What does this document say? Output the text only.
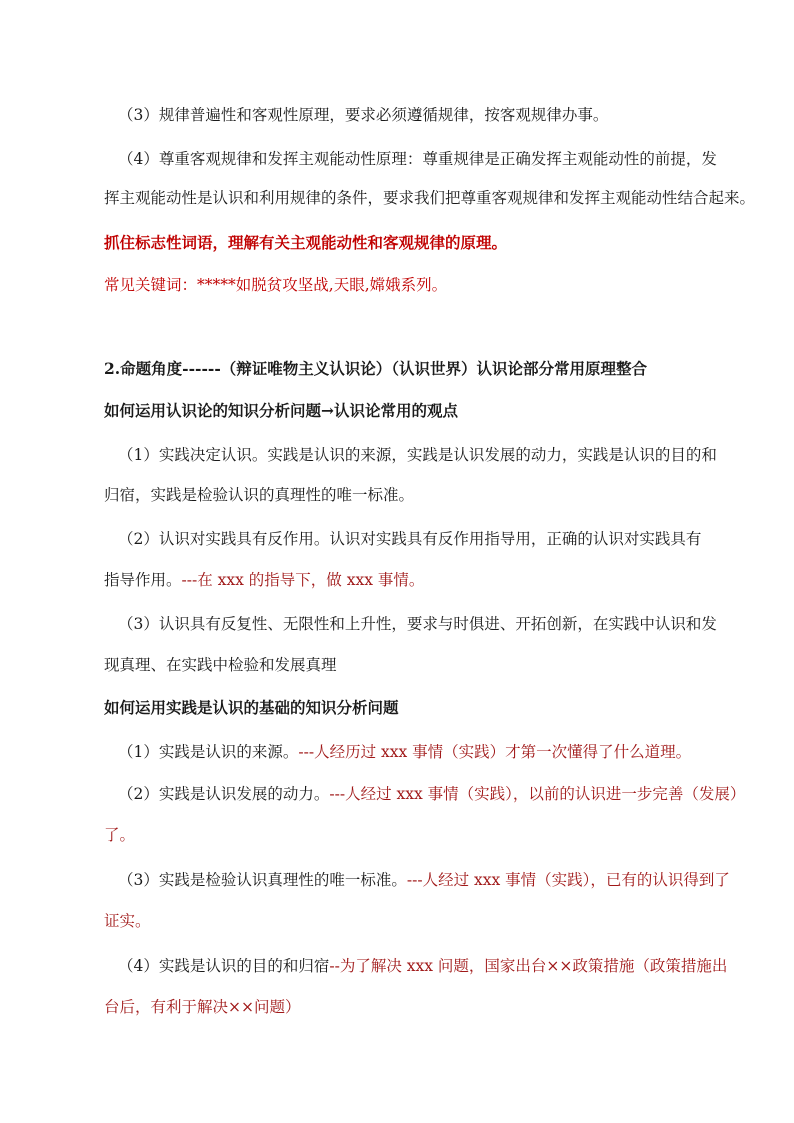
（3）规律普遍性和客观性原理，要求必须遵循规律，按客观规律办事。
（4）尊重客观规律和发挥主观能动性原理：尊重规律是正确发挥主观能动性的前提，发
挥主观能动性是认识和利用规律的条件，要求我们把尊重客观规律和发挥主观能动性结合起来。
抓住标志性词语，理解有关主观能动性和客观规律的原理。
常见关键词：*****如脱贫攻坚战,天眼,嫦娥系列。
2.命题角度------（辩证唯物主义认识论）（认识世界）认识论部分常用原理整合
如何运用认识论的知识分析问题→认识论常用的观点
（1）实践决定认识。实践是认识的来源，实践是认识发展的动力，实践是认识的目的和
归宿，实践是检验认识的真理性的唯一标准。
（2）认识对实践具有反作用。认识对实践具有反作用指导用，正确的认识对实践具有
指导作用。---在 xxx 的指导下，做 xxx 事情。
（3）认识具有反复性、无限性和上升性，要求与时俱进、开拓创新，在实践中认识和发
现真理、在实践中检验和发展真理
如何运用实践是认识的基础的知识分析问题
（1）实践是认识的来源。---人经历过 xxx 事情（实践）才第一次懂得了什么道理。
（2）实践是认识发展的动力。---人经过 xxx 事情（实践），以前的认识进一步完善（发展）
了。
（3）实践是检验认识真理性的唯一标准。---人经过 xxx 事情（实践），已有的认识得到了
证实。
（4）实践是认识的目的和归宿--为了解决 xxx 问题，国家出台××政策措施（政策措施出
台后，有利于解决××问题）
